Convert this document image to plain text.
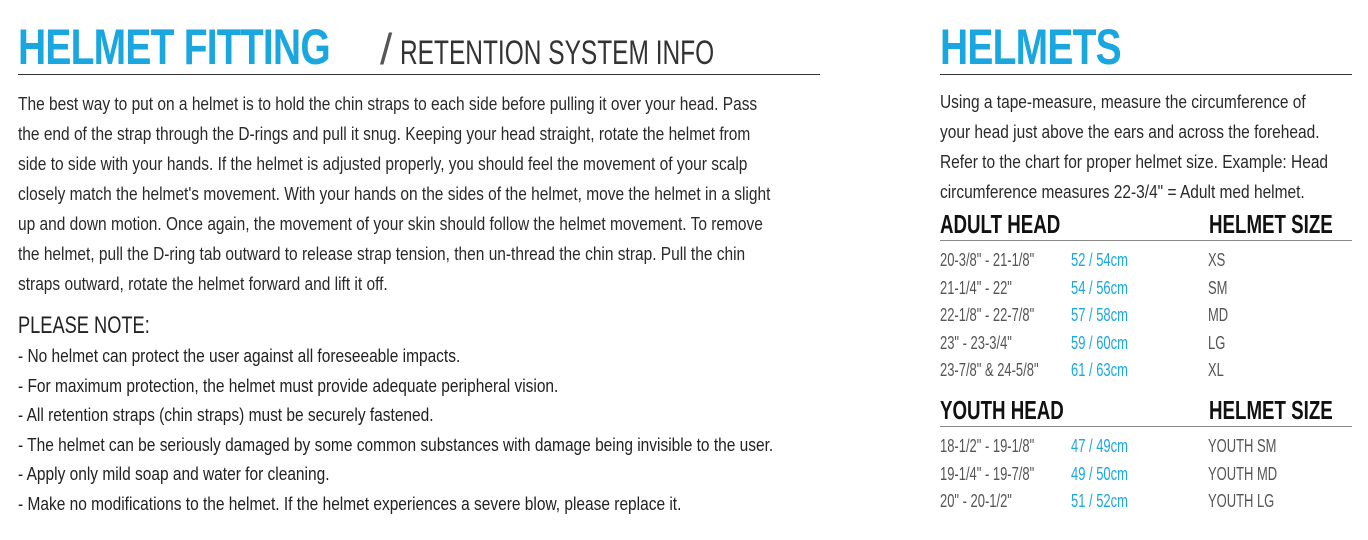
HELMET FITTING / RETENTION SYSTEM INFO
The best way to put on a helmet is to hold the chin straps to each side before pulling it over your head. Pass
the end of the strap through the D-rings and pull it snug. Keeping your head straight, rotate the helmet from
side to side with your hands. If the helmet is adjusted properly, you should feel the movement of your scalp
closely match the helmet's movement. With your hands on the sides of the helmet, move the helmet in a slight
up and down motion. Once again, the movement of your skin should follow the helmet movement. To remove
the helmet, pull the D-ring tab outward to release strap tension, then un-thread the chin strap. Pull the chin
straps outward, rotate the helmet forward and lift it off.
PLEASE NOTE:
- No helmet can protect the user against all foreseeable impacts.
- For maximum protection, the helmet must provide adequate peripheral vision.
- All retention straps (chin straps) must be securely fastened.
- The helmet can be seriously damaged by some common substances with damage being invisible to the user.
- Apply only mild soap and water for cleaning.
- Make no modifications to the helmet. If the helmet experiences a severe blow, please replace it.
HELMETS
Using a tape-measure, measure the circumference of
your head just above the ears and across the forehead.
Refer to the chart for proper helmet size. Example: Head
circumference measures 22-3/4" = Adult med helmet.
ADULT HEAD	HELMET SIZE
20-3/8" - 21-1/8" 52 / 54cm	XS
21-1/4" - 22"	54 / 56cm	SM
22-1/8" - 22-7/8" 57 / 58cm	MD
23" - 23-3/4"	59 / 60cm	LG
23-7/8" & 24-5/8" 61 / 63cm	XL
YOUTH HEAD	HELMET SIZE
18-1/2" - 19-1/8" 47 / 49cm	YOUTH SM
19-1/4" - 19-7/8" 49 / 50cm	YOUTH MD
20" - 20-1/2"	51 / 52cm	YOUTH LG
